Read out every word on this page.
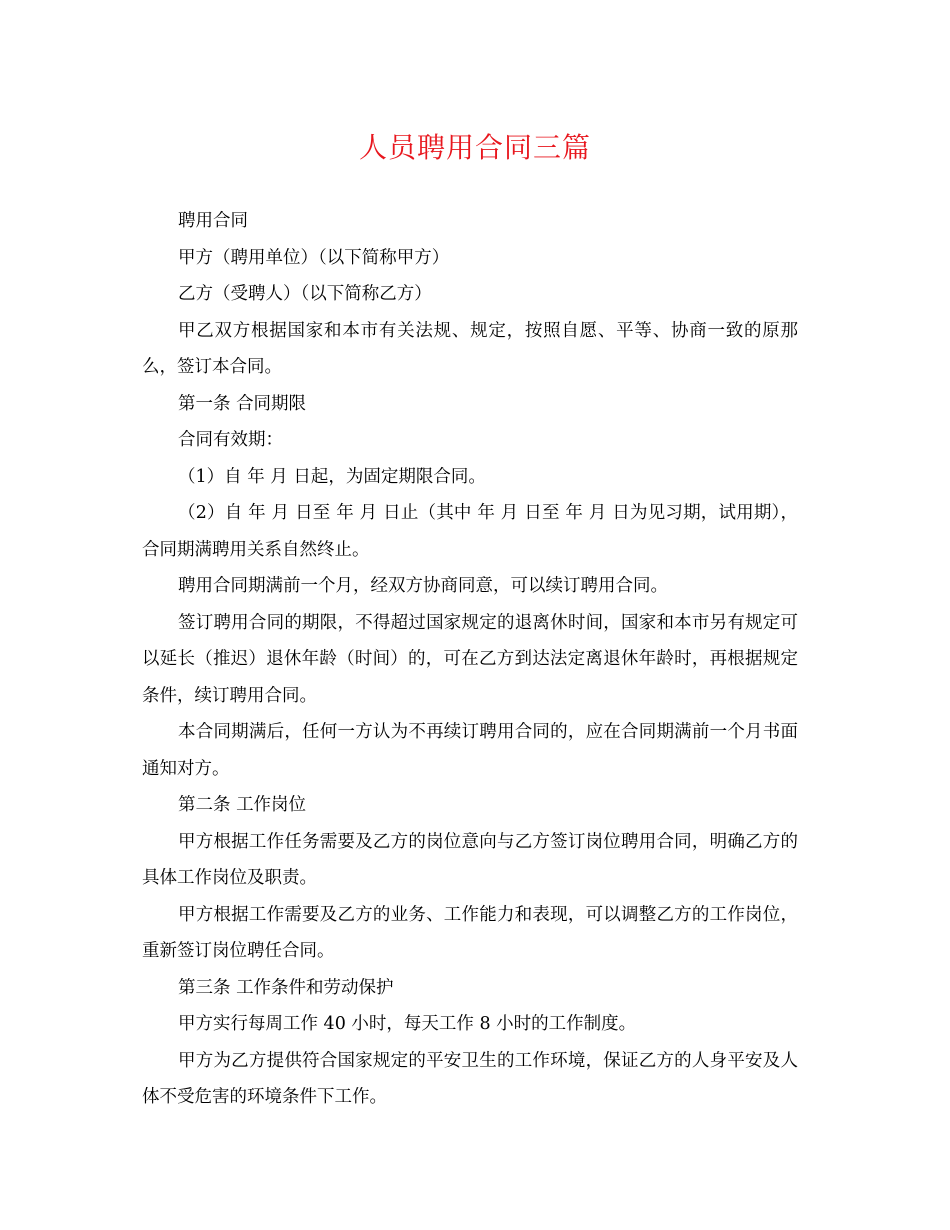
人员聘用合同三篇

聘用合同

甲方（聘用单位）（以下简称甲方）

乙方（受聘人）（以下简称乙方）

甲乙双方根据国家和本市有关法规、规定，按照自愿、平等、协商一致的原那么，签订本合同。

第一条 合同期限

合同有效期：

（1）自 年 月 日起，为固定期限合同。

（2）自 年 月 日至 年 月 日止（其中 年 月 日至 年 月 日为见习期，试用期），合同期满聘用关系自然终止。

聘用合同期满前一个月，经双方协商同意，可以续订聘用合同。

签订聘用合同的期限，不得超过国家规定的退离休时间，国家和本市另有规定可以延长（推迟）退休年龄（时间）的，可在乙方到达法定离退休年龄时，再根据规定条件，续订聘用合同。

本合同期满后，任何一方认为不再续订聘用合同的，应在合同期满前一个月书面通知对方。

第二条 工作岗位

甲方根据工作任务需要及乙方的岗位意向与乙方签订岗位聘用合同，明确乙方的具体工作岗位及职责。

甲方根据工作需要及乙方的业务、工作能力和表现，可以调整乙方的工作岗位，重新签订岗位聘任合同。

第三条 工作条件和劳动保护

甲方实行每周工作 40 小时，每天工作 8 小时的工作制度。

甲方为乙方提供符合国家规定的平安卫生的工作环境，保证乙方的人身平安及人体不受危害的环境条件下工作。
